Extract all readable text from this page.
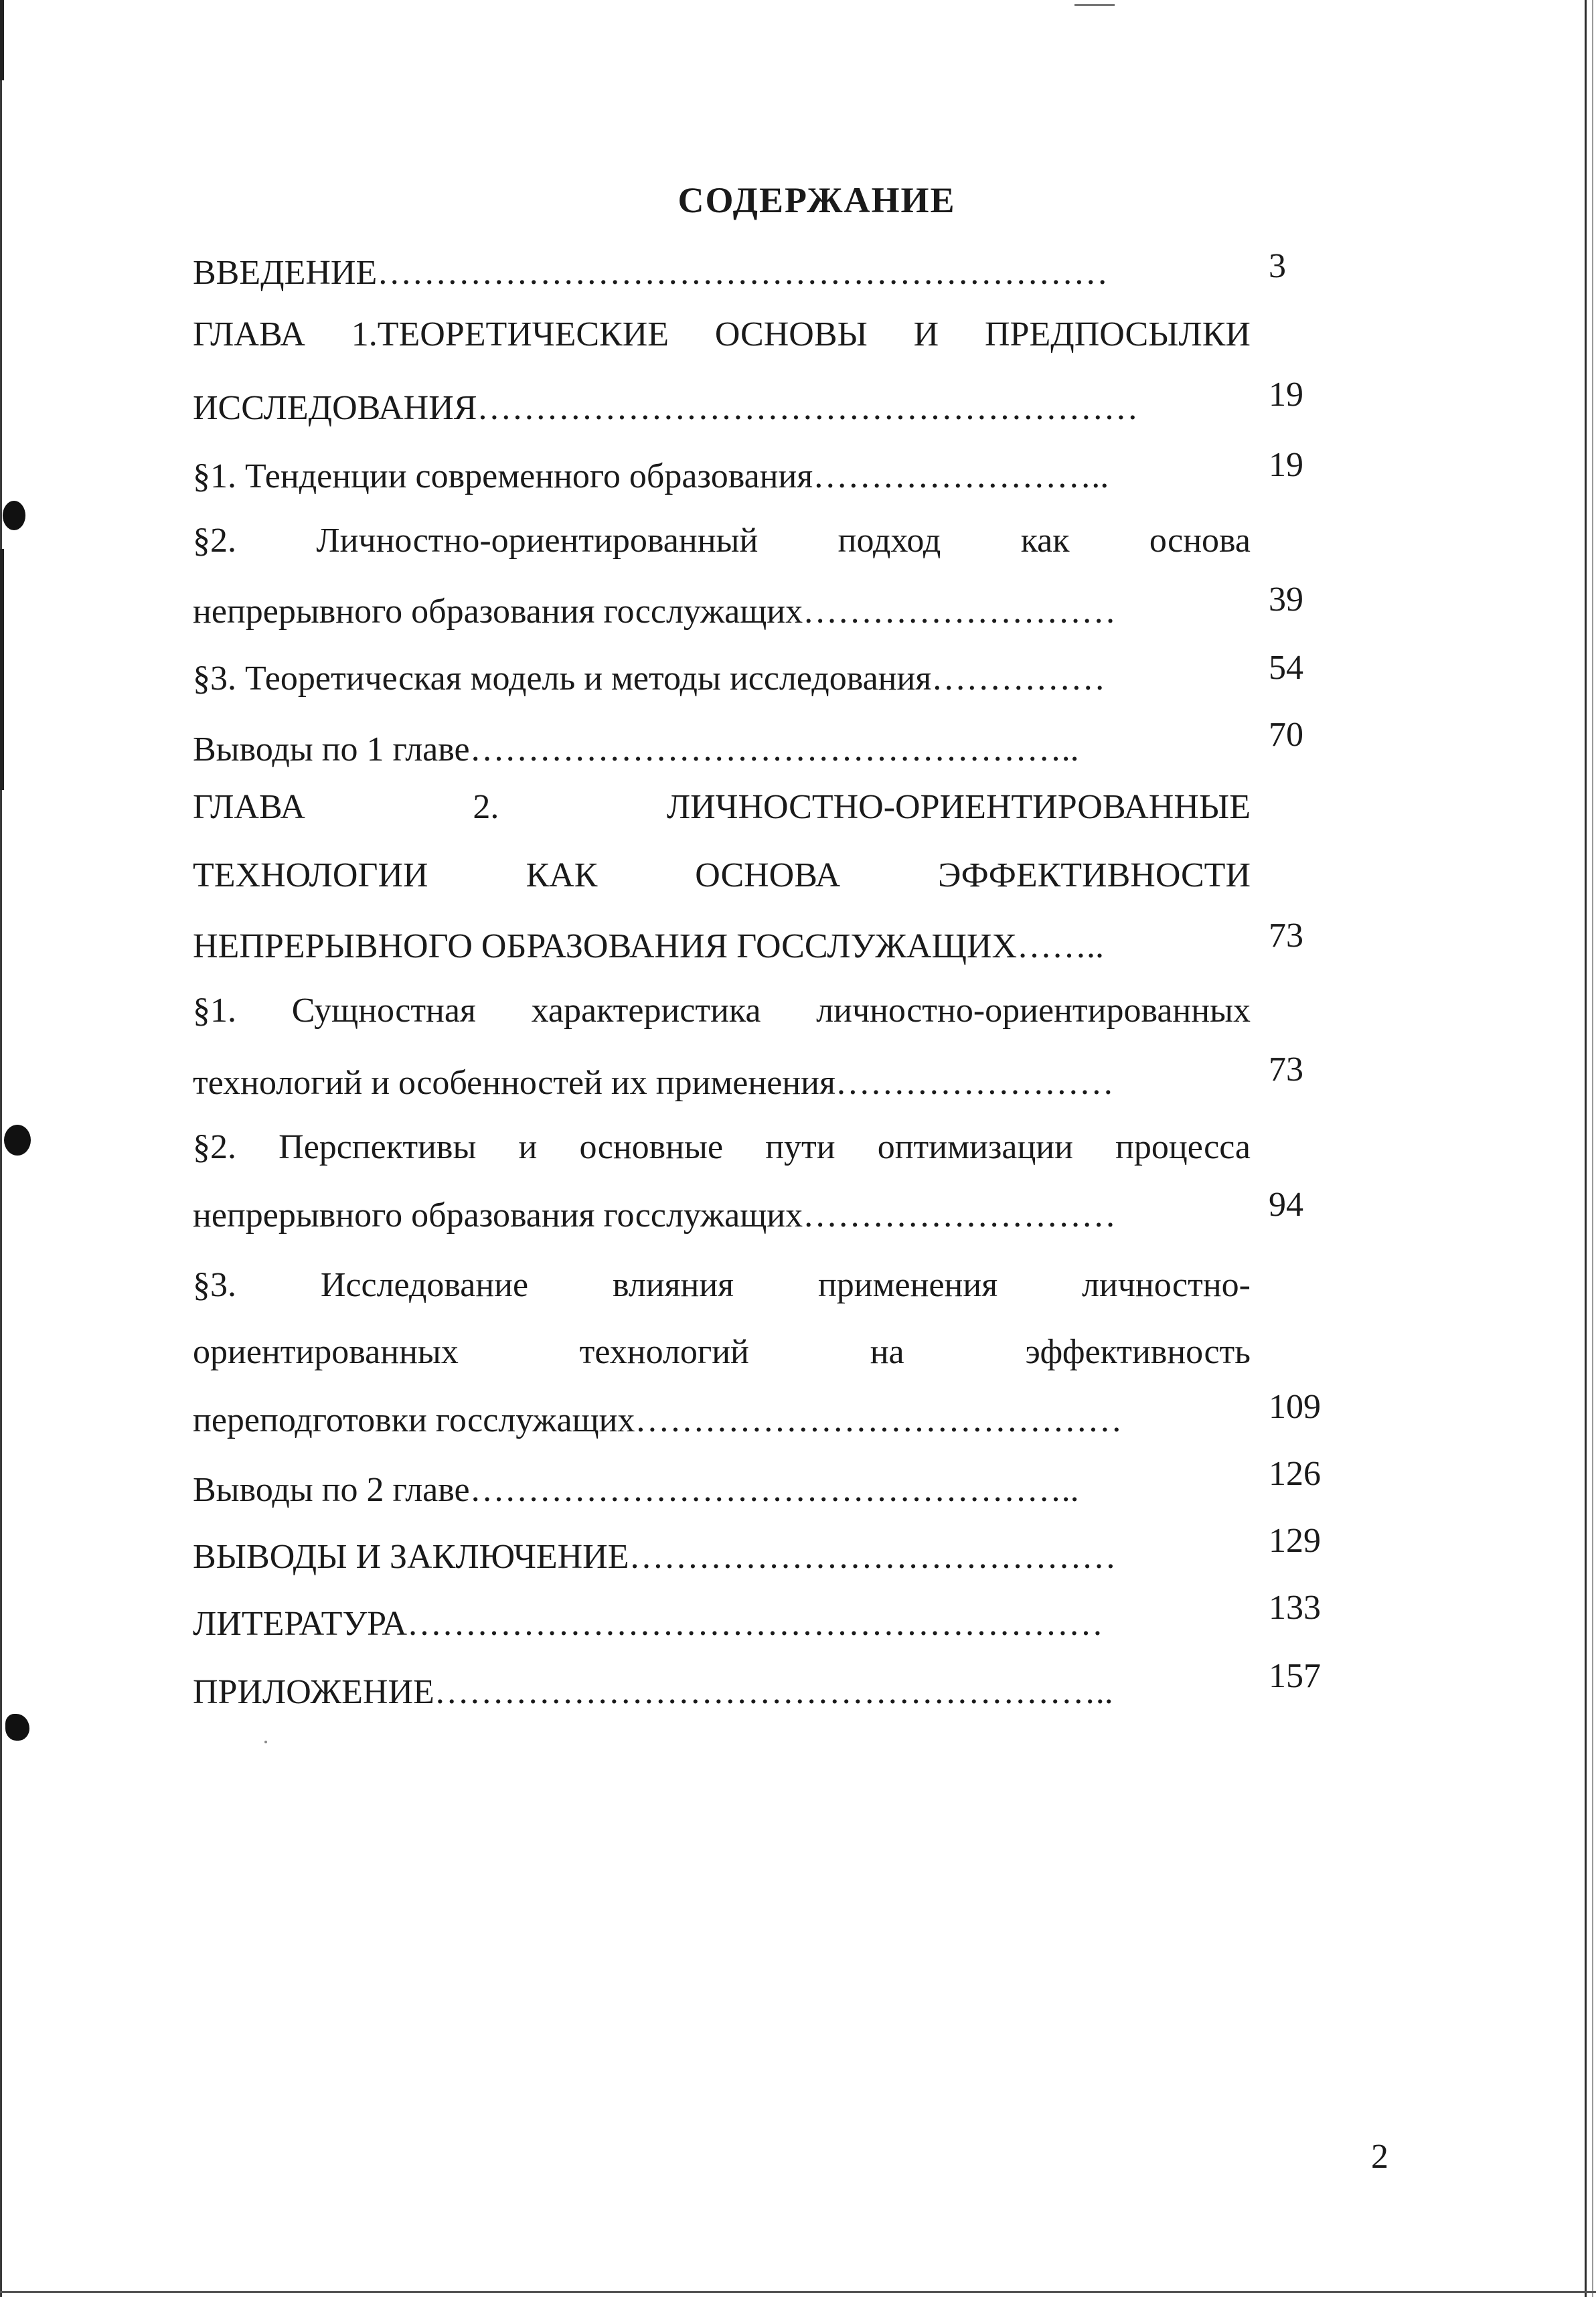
СОДЕРЖАНИЕ
ВВЕДЕНИЕ………………………………………………………	3
ГЛАВА 1.ТЕОРЕТИЧЕСКИЕ ОСНОВЫ И ПРЕДПОСЫЛКИ
ИССЛЕДОВАНИЯ…………………………………………………	19
§1. Тенденции современного образования……………………..	19
§2. Личностно-ориентированный подход как основа
непрерывного образования госслужащих………………………	39
§3. Теоретическая модель и методы исследования……………	54
Выводы по 1 главе……………………………………………..	70
ГЛАВА 2. ЛИЧНОСТНО-ОРИЕНТИРОВАННЫЕ
ТЕХНОЛОГИИ КАК ОСНОВА ЭФФЕКТИВНОСТИ
НЕПРЕРЫВНОГО ОБРАЗОВАНИЯ ГОССЛУЖАЩИХ……..	73
§1. Сущностная характеристика личностно-ориентированных
технологий и особенностей их применения……………………	73
§2. Перспективы и основные пути оптимизации процесса
непрерывного образования госслужащих………………………	94
§3. Исследование влияния применения личностно-
ориентированных технологий на эффективность
переподготовки госслужащих……………………………………	109
Выводы по 2 главе……………………………………………..	126
ВЫВОДЫ И ЗАКЛЮЧЕНИЕ……………………………………	129
ЛИТЕРАТУРА……………………………………………………	133
ПРИЛОЖЕНИЕ…………………………………………………..	157
2
